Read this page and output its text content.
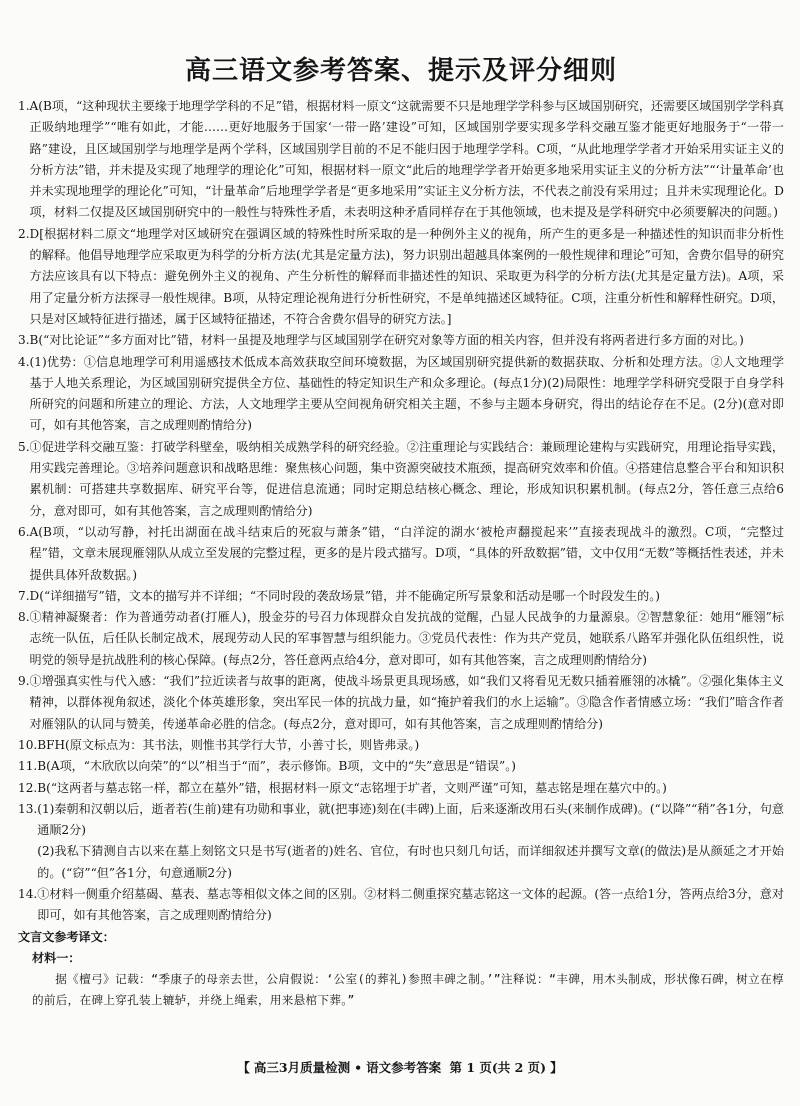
高三语文参考答案、提示及评分细则
1. A(B项，“这种现状主要缘于地理学学科的不足”错，根据材料一原文“这就需要不只是地理学学科参与区域国别研究，还需要区域国别学学科真正吸纳地理学”“唯有如此，才能……更好地服务于国家‘一带一路’建设”可知，区域国别学要实现多学科交融互鉴才能更好地服务于“一带一路”建设，且区域国别学与地理学是两个学科，区域国别学目前的不足不能归因于地理学学科。C项，“从此地理学学者才开始采用实证主义的分析方法”错，并未提及实现了地理学的理论化”可知，根据材料一原文“此后的地理学学者开始更多地采用实证主义的分析方法”“‘计量革命’也并未实现地理学的理论化”可知，“计量革命”后地理学学者是“更多地采用”实证主义分析方法，不代表之前没有采用过；且并未实现理论化。D项，材料二仅提及区域国别研究中的一般性与特殊性矛盾，未表明这种矛盾同样存在于其他领域，也未提及是学科研究中必须要解决的问题。)

2. D[根据材料二原文“地理学对区域研究在强调区域的特殊性时所采取的是一种例外主义的视角，所产生的更多是一种描述性的知识而非分析性的解释。他倡导地理学应采取更为科学的分析方法(尤其是定量方法)，努力识别出超越具体案例的一般性规律和理论”可知，舍费尔倡导的研究方法应该具有以下特点：避免例外主义的视角、产生分析性的解释而非描述性的知识、采取更为科学的分析方法(尤其是定量方法)。A项，采用了定量分析方法探寻一般性规律。B项，从特定理论视角进行分析性研究，不是单纯描述区域特征。C项，注重分析性和解释性研究。D项，只是对区域特征进行描述，属于区域特征描述，不符合舍费尔倡导的研究方法。]

3. B(“对比论证”“多方面对比”错，材料一虽提及地理学与区域国别学在研究对象等方面的相关内容，但并没有将两者进行多方面的对比。)

4. (1)优势：①信息地理学可利用遥感技术低成本高效获取空间环境数据，为区域国别研究提供新的数据获取、分析和处理方法。②人文地理学基于人地关系理论，为区域国别研究提供全方位、基础性的特定知识生产和众多理论。(每点1分)(2)局限性：地理学学科研究受限于自身学科所研究的问题和所建立的理论、方法，人文地理学主要从空间视角研究相关主题，不参与主题本身研究，得出的结论存在不足。(2分)(意对即可，如有其他答案，言之成理则酌情给分)

5. ①促进学科交融互鉴：打破学科壁垒，吸纳相关成熟学科的研究经验。②注重理论与实践结合：兼顾理论建构与实践研究，用理论指导实践，用实践完善理论。③培养问题意识和战略思维：聚焦核心问题，集中资源突破技术瓶颈，提高研究效率和价值。④搭建信息整合平台和知识积累机制：可搭建共享数据库、研究平台等，促进信息流通；同时定期总结核心概念、理论，形成知识积累机制。(每点2分，答任意三点给6分，意对即可，如有其他答案，言之成理则酌情给分)

6. A(B项，“以动写静，衬托出湖面在战斗结束后的死寂与萧条”错，“白洋淀的湖水‘被枪声翻搅起来’”直接表现战斗的激烈。C项，“完整过程”错，文章未展现雁翎队从成立至发展的完整过程，更多的是片段式描写。D项，“具体的歼敌数据”错，文中仅用“无数”等概括性表述，并未提供具体歼敌数据。)

7. D(“详细描写”错，文本的描写并不详细；“不同时段的袭敌场景”错，并不能确定所写景象和活动是哪一个时段发生的。)

8. ①精神凝聚者：作为普通劳动者(打雁人)，殷金芬的号召力体现群众自发抗战的觉醒，凸显人民战争的力量源泉。②智慧象征：她用“雁翎”标志统一队伍，后任队长制定战术，展现劳动人民的军事智慧与组织能力。③党员代表性：作为共产党员，她联系八路军并强化队伍组织性，说明党的领导是抗战胜利的核心保障。(每点2分，答任意两点给4分，意对即可，如有其他答案，言之成理则酌情给分)

9. ①增强真实性与代入感：“我们”拉近读者与故事的距离，使战斗场景更具现场感，如“我们又将看见无数只插着雁翎的冰橇”。②强化集体主义精神，以群体视角叙述，淡化个体英雄形象，突出军民一体的抗战力量，如“掩护着我们的水上运输”。③隐含作者情感立场：“我们”暗含作者对雁翎队的认同与赞美，传递革命必胜的信念。(每点2分，意对即可，如有其他答案，言之成理则酌情给分)

10. BFH(原文标点为：其书法，则惟书其学行大节，小善寸长，则皆弗录。)

11. B(A项，“木欣欣以向荣”的“以”相当于“而”，表示修饰。B项，文中的“失”意思是“错误”。)

12. B(“这两者与墓志铭一样，都立在墓外”错，根据材料一原文“志铭埋于圹者，文则严谨”可知，墓志铭是埋在墓穴中的。)

13. (1)秦朝和汉朝以后，逝者若(生前)建有功勋和事业，就(把事迹)刻在(丰碑)上面，后来逐渐改用石头(来制作成碑)。(“以降”“稍”各1分，句意通顺2分)

(2)我私下猜测自古以来在墓上刻铭文只是书写(逝者的)姓名、官位，有时也只刻几句话，而详细叙述并撰写文章(的做法)是从颜延之才开始的。(“窃”“但”各1分，句意通顺2分)

14. ①材料一侧重介绍墓碣、墓表、墓志等相似文体之间的区别。②材料二侧重探究墓志铭这一文体的起源。(答一点给1分，答两点给3分，意对即可，如有其他答案，言之成理则酌情给分)

文言文参考译文：

材料一：

据《檀弓》记载：“季康子的母亲去世，公肩假说：‘公室(的葬礼)参照丰碑之制。’”注释说：“丰碑，用木头制成，形状像石碑，树立在椁的前后，在碑上穿孔装上辘轳，并绕上绳索，用来悬棺下葬。”

【 高三3月质量检测 • 语文参考答案 第 1 页(共 2 页) 】
